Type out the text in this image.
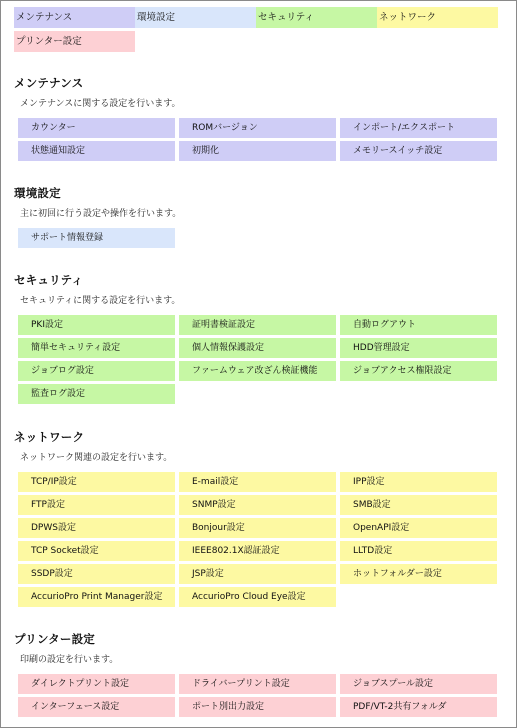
メンテナンス	環境設定	セキュリティ	ネットワーク
プリンター設定
メンテナンス
メンテナンスに関する設定を行います。
カウンター	ROMバージョン	インポート/エクスポート
状態通知設定	初期化	メモリースイッチ設定
環境設定
主に初回に行う設定や操作を行います。
サポート情報登録
セキュリティ
セキュリティに関する設定を行います。
PKI設定	証明書検証設定	自動ログアウト
簡単セキュリティ設定	個人情報保護設定	HDD管理設定
ジョブログ設定	ファームウェア改ざん検証機能	ジョブアクセス権限設定
監査ログ設定
ネットワーク
ネットワーク関連の設定を行います。
TCP/IP設定	E-mail設定	IPP設定
FTP設定	SNMP設定	SMB設定
DPWS設定	Bonjour設定	OpenAPI設定
TCP Socket設定	IEEE802.1X認証設定	LLTD設定
SSDP設定	JSP設定	ホットフォルダー設定
AccurioPro Print Manager設定	AccurioPro Cloud Eye設定
プリンター設定
印刷の設定を行います。
ダイレクトプリント設定	ドライバープリント設定	ジョブスプール設定
インターフェース設定	ポート別出力設定	PDF/VT-2共有フォルダ
